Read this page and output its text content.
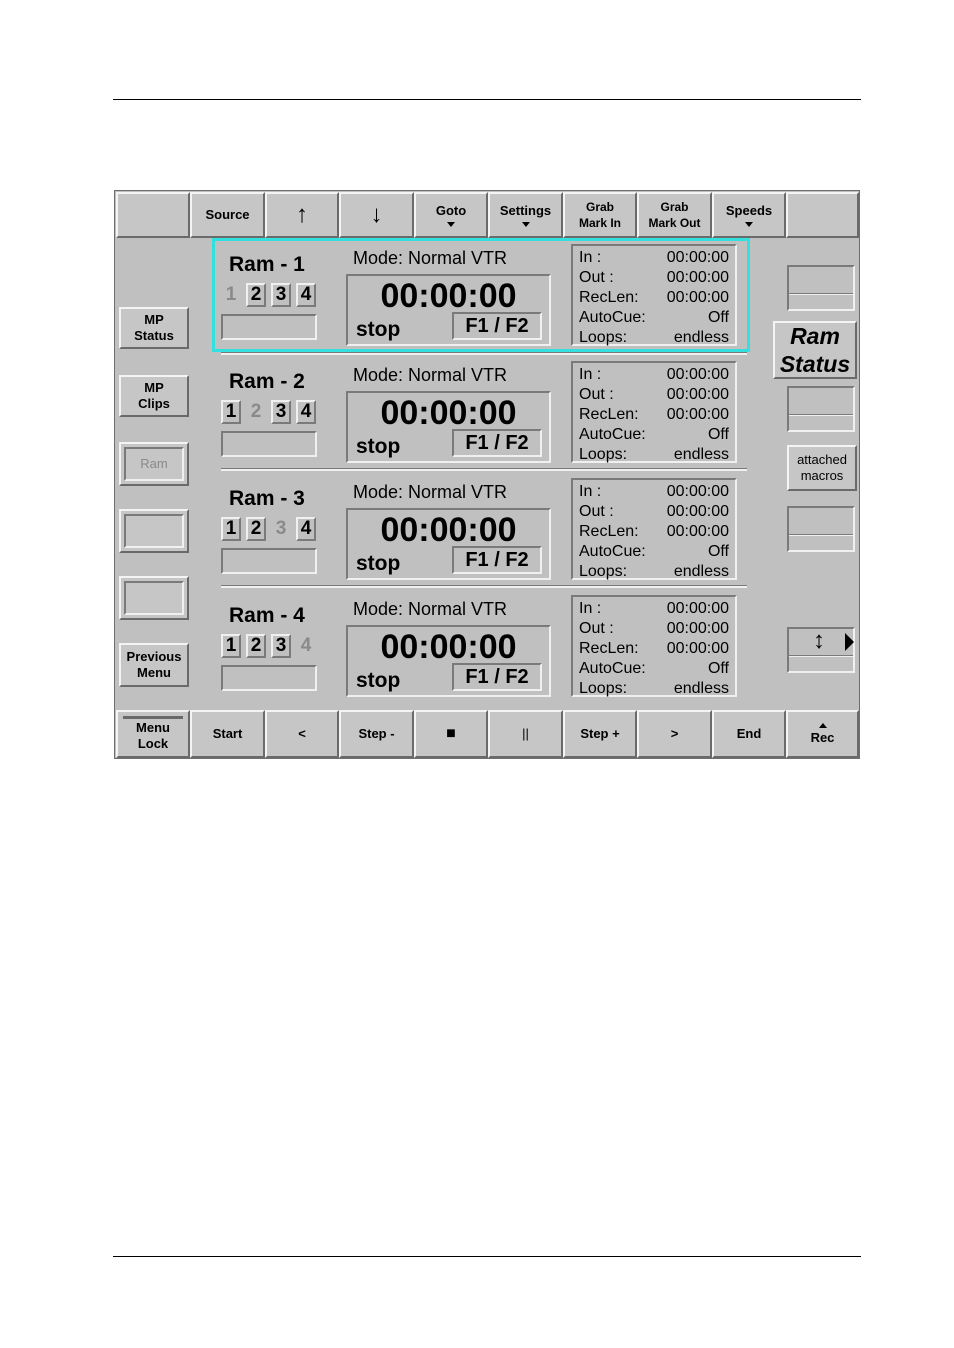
Source ↑	↓	Goto	Settings	Grab
Mark In
Grab
Mark Out
Speeds
MP
Status
MP
Clips
Ram
Previous
Menu
Ram - 1
1 2 3 4
Mode: Normal VTR
00:00:00
stop	F1 / F2
In :	00:00:00
Out :	00:00:00
RecLen: 00:00:00
AutoCue:	Off
Loops:	endless
Ram - 2
1 2 3 4
Mode: Normal VTR
00:00:00
stop	F1 / F2
In :	00:00:00
Out :	00:00:00
RecLen: 00:00:00
AutoCue:	Off
Loops:	endless
Ram - 3
1 2 3 4
Mode: Normal VTR
00:00:00
stop	F1 / F2
In :	00:00:00
Out :	00:00:00
RecLen: 00:00:00
AutoCue:	Off
Loops:	endless
Ram - 4
1 2 3 4
Mode: Normal VTR
00:00:00
stop	F1 / F2
In :	00:00:00
Out :	00:00:00
RecLen: 00:00:00
AutoCue:	Off
Loops:	endless
Ram
Status
attached
macros
↕
Menu
Lock
Start	<	Step -	■	||	Step +	>	End	Rec
